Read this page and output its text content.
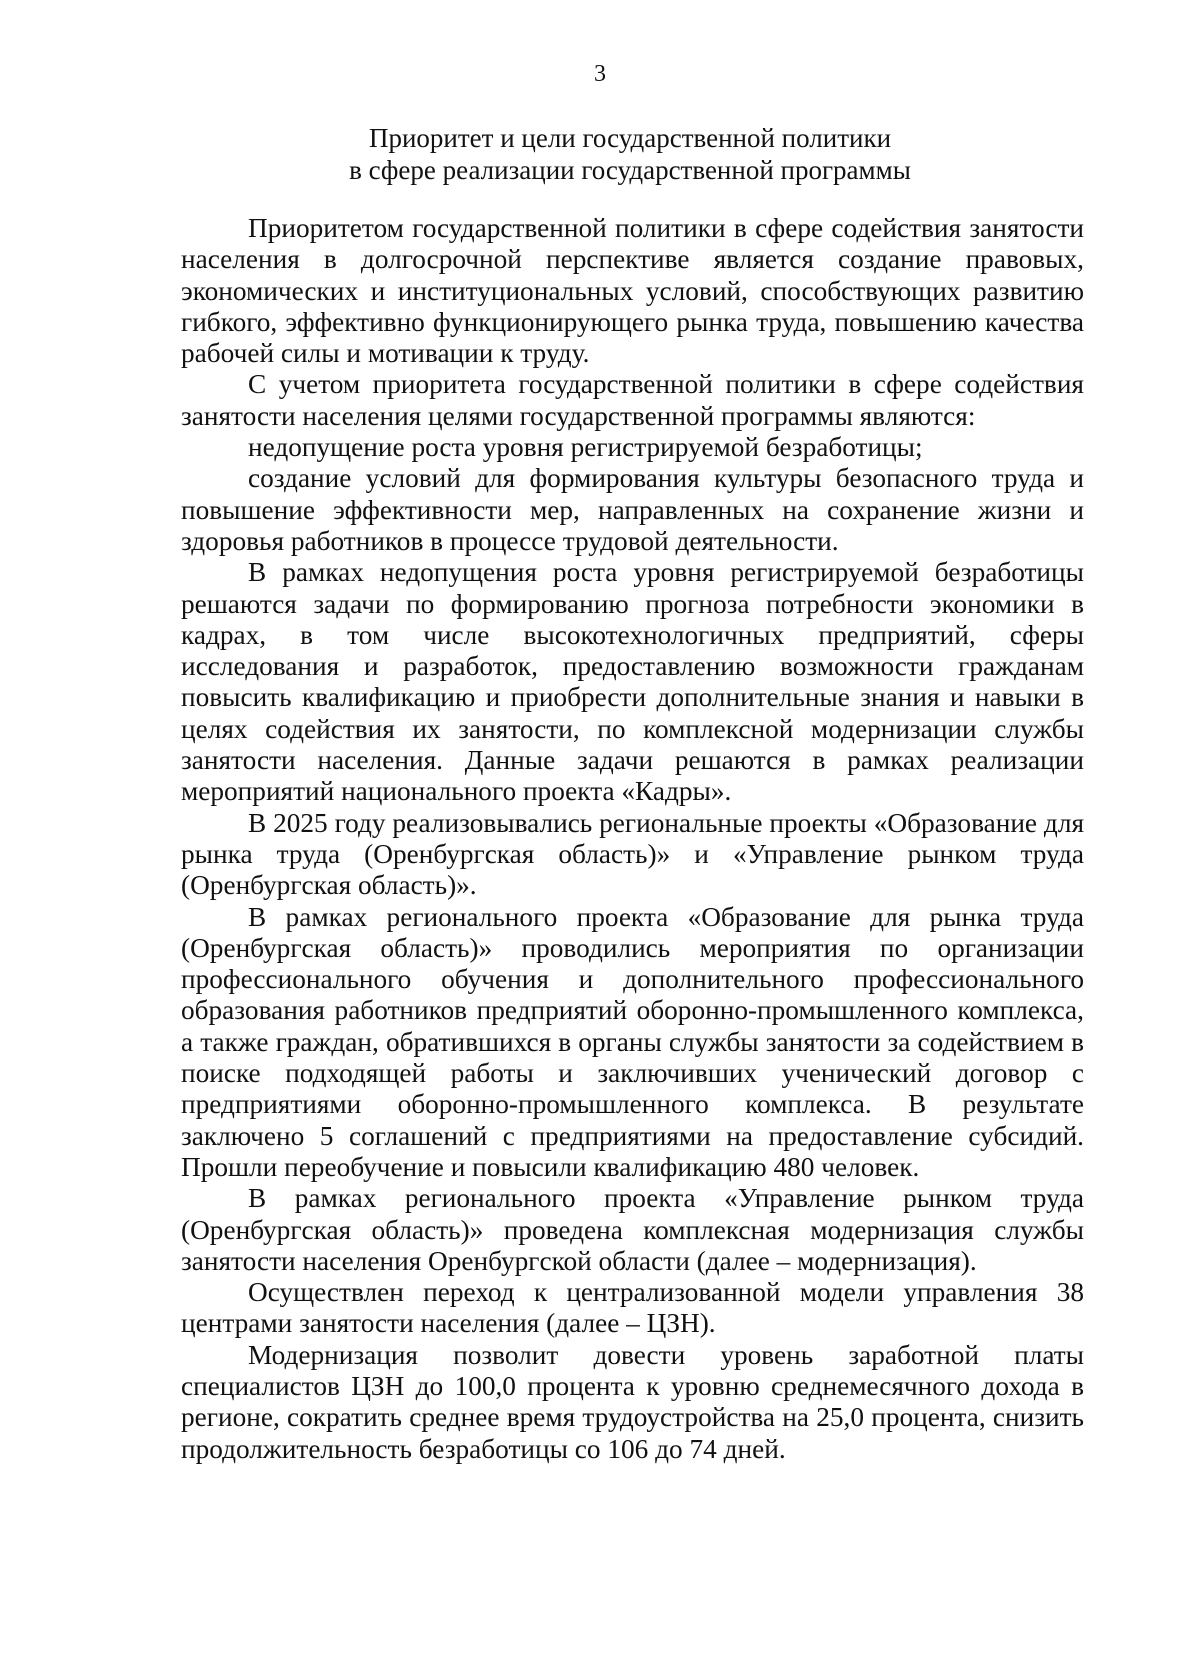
3
Приоритет и цели государственной политики
в сфере реализации государственной программы

Приоритетом государственной политики в сфере содействия занятости населения в долгосрочной перспективе является создание правовых, экономических и институциональных условий, способствующих развитию гибкого, эффективно функционирующего рынка труда, повышению качества рабочей силы и мотивации к труду.

С учетом приоритета государственной политики в сфере содействия занятости населения целями государственной программы являются:

недопущение роста уровня регистрируемой безработицы;

создание условий для формирования культуры безопасного труда и повышение эффективности мер, направленных на сохранение жизни и здоровья работников в процессе трудовой деятельности.

В рамках недопущения роста уровня регистрируемой безработицы решаются задачи по формированию прогноза потребности экономики в кадрах, в том числе высокотехнологичных предприятий, сферы исследования и разработок, предоставлению возможности гражданам повысить квалификацию и приобрести дополнительные знания и навыки в целях содействия их занятости, по комплексной модернизации службы занятости населения. Данные задачи решаются в рамках реализации мероприятий национального проекта «Кадры».

В 2025 году реализовывались региональные проекты «Образование для рынка труда (Оренбургская область)» и «Управление рынком труда (Оренбургская область)».

В рамках регионального проекта «Образование для рынка труда (Оренбургская область)» проводились мероприятия по организации профессионального обучения и дополнительного профессионального образования работников предприятий оборонно-промышленного комплекса, а также граждан, обратившихся в органы службы занятости за содействием в поиске подходящей работы и заключивших ученический договор с предприятиями оборонно-промышленного комплекса. В результате заключено 5 соглашений с предприятиями на предоставление субсидий. Прошли переобучение и повысили квалификацию 480 человек.

В рамках регионального проекта «Управление рынком труда (Оренбургская область)» проведена комплексная модернизация службы занятости населения Оренбургской области (далее – модернизация).

Осуществлен переход к централизованной модели управления 38 центрами занятости населения (далее – ЦЗН).

Модернизация позволит довести уровень заработной платы специалистов ЦЗН до 100,0 процента к уровню среднемесячного дохода в регионе, сократить среднее время трудоустройства на 25,0 процента, снизить продолжительность безработицы со 106 до 74 дней.
